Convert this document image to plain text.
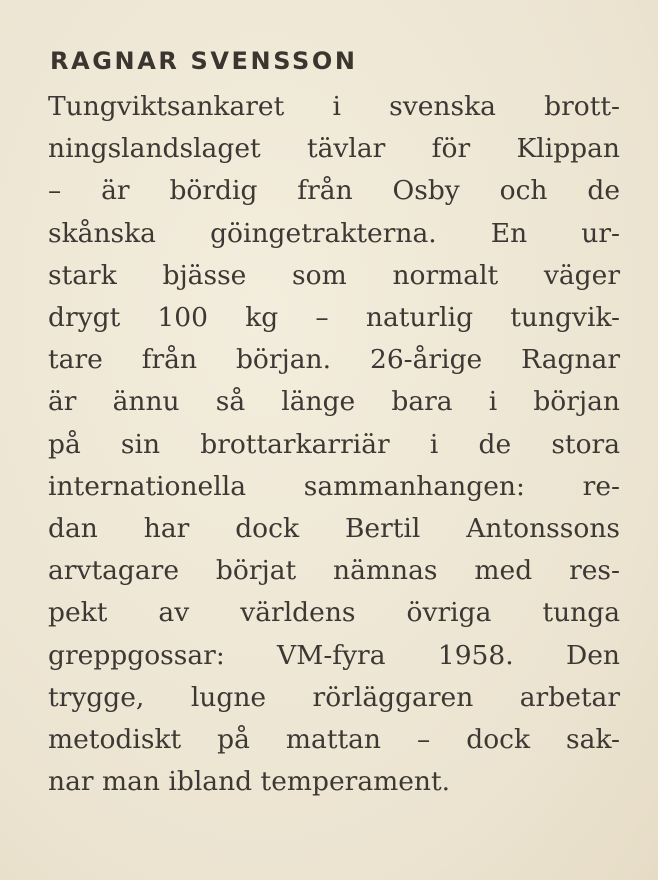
RAGNAR SVENSSON
Tungviktsankaret i svenska brott-
ningslandslaget tävlar för Klippan
– är bördig från Osby och de
skånska göingetrakterna. En ur-
stark bjässe som normalt väger
drygt 100 kg – naturlig tungvik-
tare från början. 26-årige Ragnar
är ännu så länge bara i början
på sin brottarkarriär i de stora
internationella sammanhangen: re-
dan har dock Bertil Antonssons
arvtagare börjat nämnas med res-
pekt av världens övriga tunga
greppgossar: VM-fyra 1958. Den
trygge, lugne rörläggaren arbetar
metodiskt på mattan – dock sak-
nar man ibland temperament.
